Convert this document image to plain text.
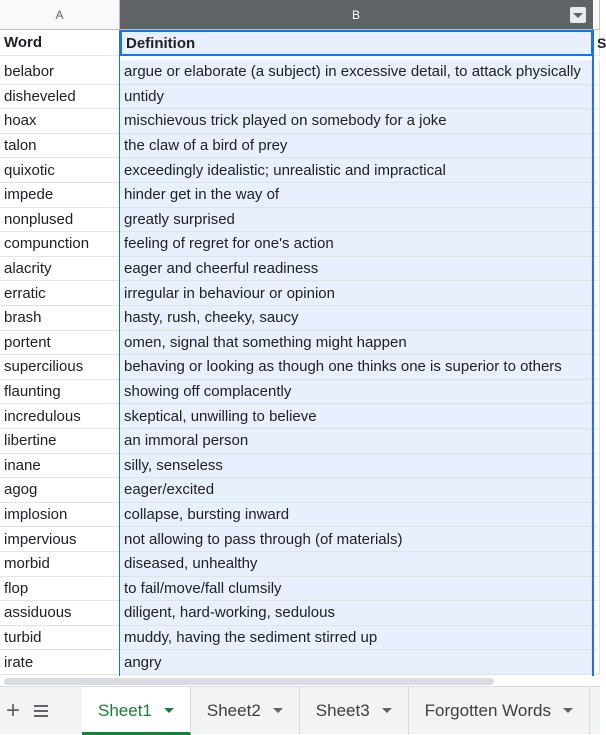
A	B
Word	Definition	S
belabor	argue or elaborate (a subject) in excessive detail, to attack physically
disheveled	untidy
hoax	mischievous trick played on somebody for a joke
talon	the claw of a bird of prey
quixotic	exceedingly idealistic; unrealistic and impractical
impede	hinder get in the way of
nonplused	greatly surprised
compunction	feeling of regret for one's action
alacrity	eager and cheerful readiness
erratic	irregular in behaviour or opinion
brash	hasty, rush, cheeky, saucy
portent	omen, signal that something might happen
supercilious	behaving or looking as though one thinks one is superior to others
flaunting	showing off complacently
incredulous	skeptical, unwilling to believe
libertine	an immoral person
inane	silly, senseless
agog	eager/excited
implosion	collapse, bursting inward
impervious	not allowing to pass through (of materials)
morbid	diseased, unhealthy
flop	to fail/move/fall clumsily
assiduous	diligent, hard-working, sedulous
turbid	muddy, having the sediment stirred up
irate	angry
+	Sheet1	Sheet2	Sheet3	Forgotten Words
